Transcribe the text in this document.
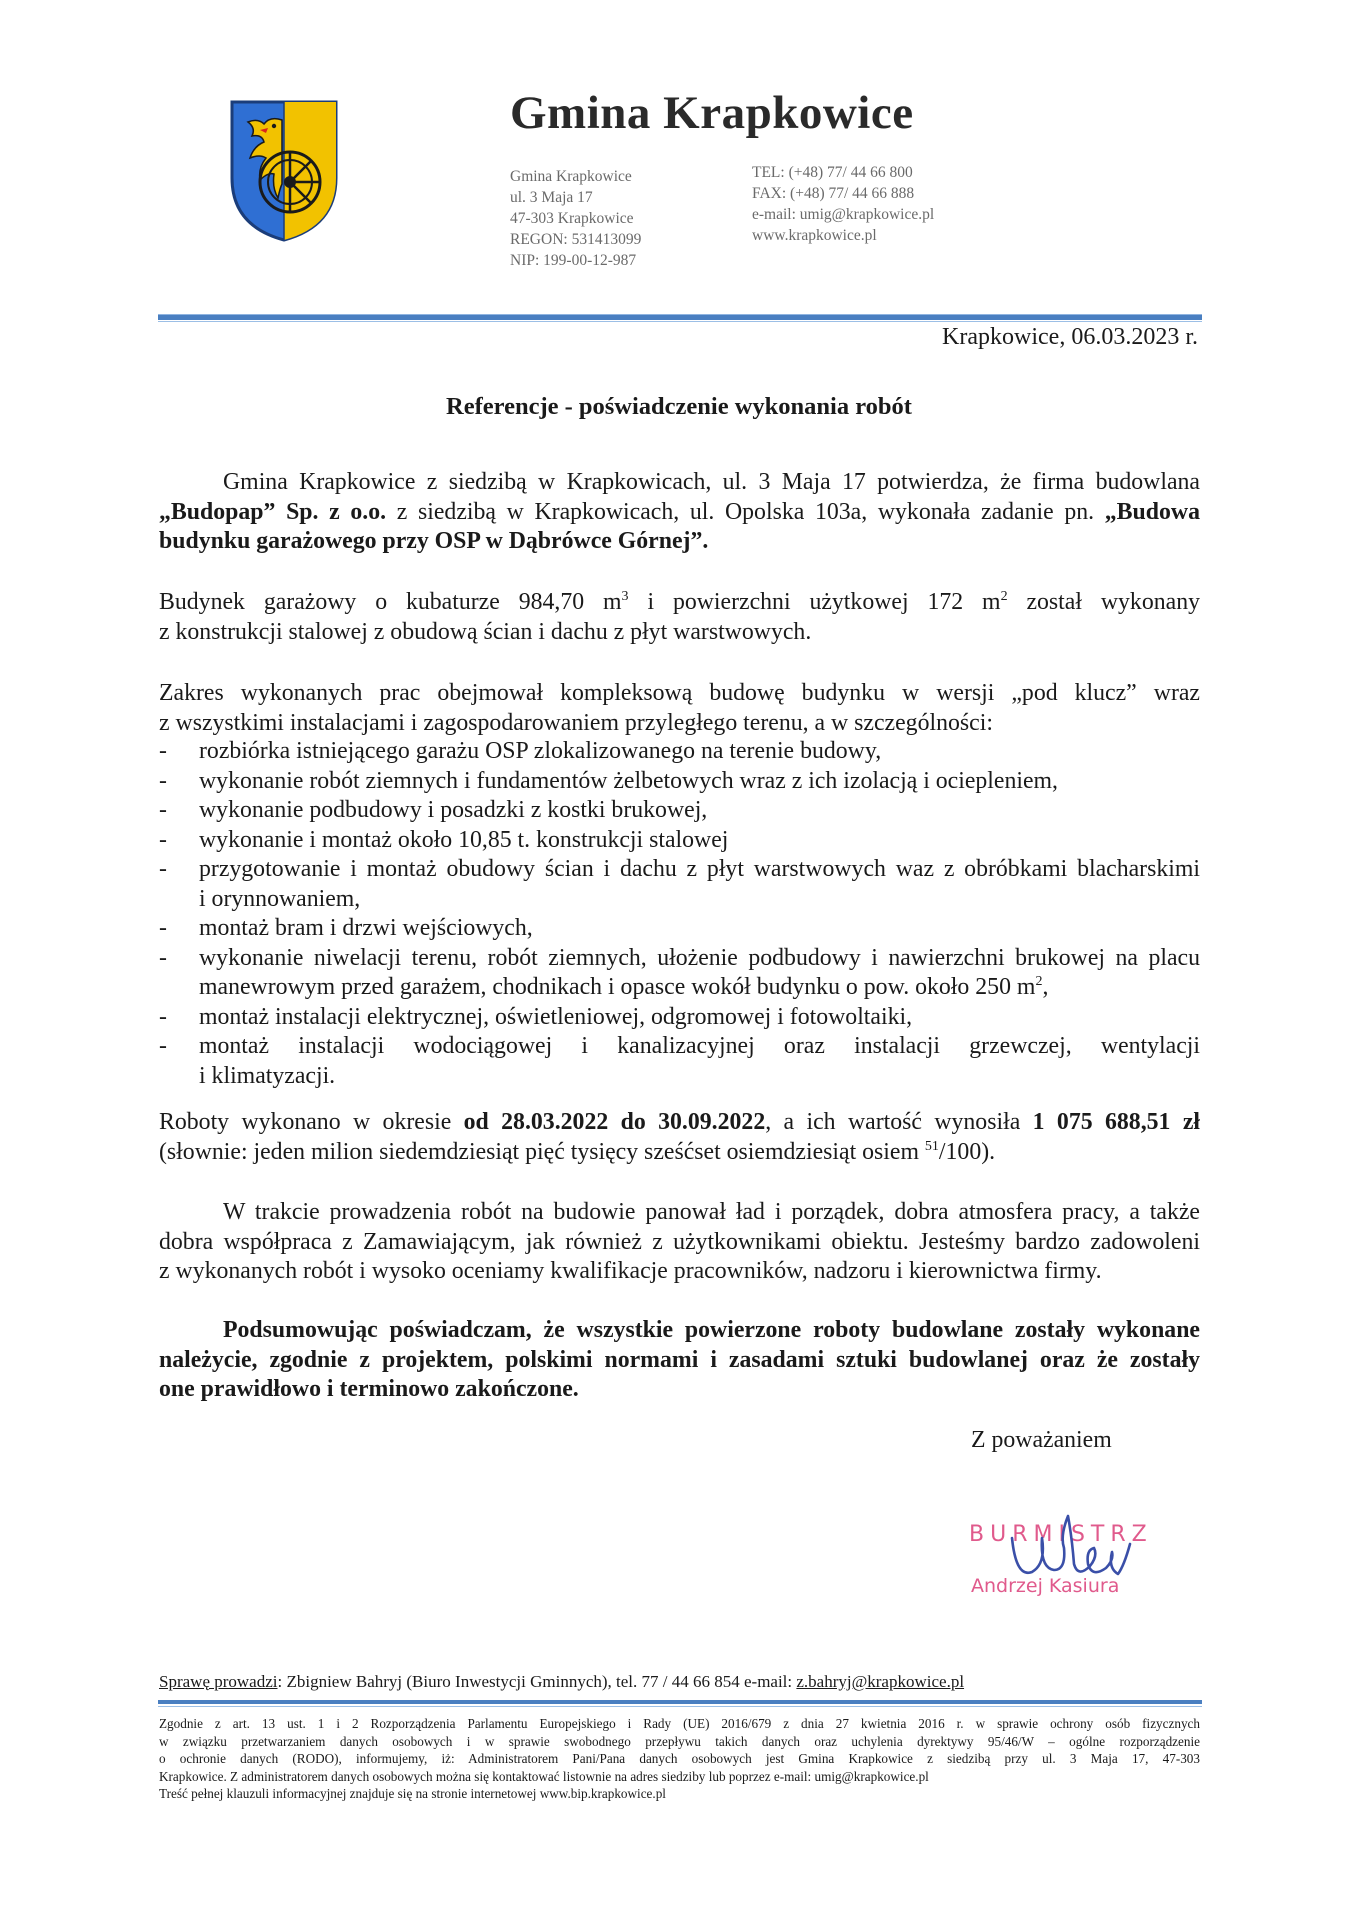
Gmina Krapkowice
Gmina Krapkowice
ul. 3 Maja 17
47-303 Krapkowice
REGON: 531413099
NIP: 199-00-12-987
TEL: (+48) 77/ 44 66 800
FAX: (+48) 77/ 44 66 888
e-mail: umig@krapkowice.pl
www.krapkowice.pl
Krapkowice, 06.03.2023 r.
Referencje - poświadczenie wykonania robót
Gmina Krapkowice z siedzibą w Krapkowicach, ul. 3 Maja 17 potwierdza, że firma budowlana
„Budopap” Sp. z o.o. z siedzibą w Krapkowicach, ul. Opolska 103a, wykonała zadanie pn. „Budowa
budynku garażowego przy OSP w Dąbrówce Górnej”.
Budynek garażowy o kubaturze 984,70 $m^3$ i powierzchni użytkowej 172 $m^2$ został wykonany
z konstrukcji stalowej z obudową ścian i dachu z płyt warstwowych.
Zakres wykonanych prac obejmował kompleksową budowę budynku w wersji „pod klucz” wraz
z wszystkimi instalacjami i zagospodarowaniem przyległego terenu, a w szczególności:
- rozbiórka istniejącego garażu OSP zlokalizowanego na terenie budowy,
- wykonanie robót ziemnych i fundamentów żelbetowych wraz z ich izolacją i ociepleniem,
- wykonanie podbudowy i posadzki z kostki brukowej,
- wykonanie i montaż około 10,85 t. konstrukcji stalowej
- przygotowanie i montaż obudowy ścian i dachu z płyt warstwowych waz z obróbkami blacharskimi
i orynnowaniem,
- montaż bram i drzwi wejściowych,
- wykonanie niwelacji terenu, robót ziemnych, ułożenie podbudowy i nawierzchni brukowej na placu
manewrowym przed garażem, chodnikach i opasce wokół budynku o pow. około 250 $m^2$,
- montaż instalacji elektrycznej, oświetleniowej, odgromowej i fotowoltaiki,
- montaż instalacji wodociągowej i kanalizacyjnej oraz instalacji grzewczej, wentylacji
i klimatyzacji.
Roboty wykonano w okresie od 28.03.2022 do 30.09.2022, a ich wartość wynosiła 1 075 688,51 zł
(słownie: jeden milion siedemdziesiąt pięć tysięcy sześćset osiemdziesiąt osiem $^{51}$/100).
W trakcie prowadzenia robót na budowie panował ład i porządek, dobra atmosfera pracy, a także
dobra współpraca z Zamawiającym, jak również z użytkownikami obiektu. Jesteśmy bardzo zadowoleni
z wykonanych robót i wysoko oceniamy kwalifikacje pracowników, nadzoru i kierownictwa firmy.
Podsumowując poświadczam, że wszystkie powierzone roboty budowlane zostały wykonane
należycie, zgodnie z projektem, polskimi normami i zasadami sztuki budowlanej oraz że zostały
one prawidłowo i terminowo zakończone.
Z poważaniem
BURMISTRZ
Andrzej Kasiura
Sprawę prowadzi: Zbigniew Bahryj (Biuro Inwestycji Gminnych), tel. 77 / 44 66 854 e-mail: z.bahryj@krapkowice.pl
Zgodnie z art. 13 ust. 1 i 2 Rozporządzenia Parlamentu Europejskiego i Rady (UE) 2016/679 z dnia 27 kwietnia 2016 r. w sprawie ochrony osób fizycznych
w związku przetwarzaniem danych osobowych i w sprawie swobodnego przepływu takich danych oraz uchylenia dyrektywy 95/46/W – ogólne rozporządzenie
o ochronie danych (RODO), informujemy, iż: Administratorem Pani/Pana danych osobowych jest Gmina Krapkowice z siedzibą przy ul. 3 Maja 17, 47-303
Krapkowice. Z administratorem danych osobowych można się kontaktować listownie na adres siedziby lub poprzez e-mail: umig@krapkowice.pl
Treść pełnej klauzuli informacyjnej znajduje się na stronie internetowej www.bip.krapkowice.pl
